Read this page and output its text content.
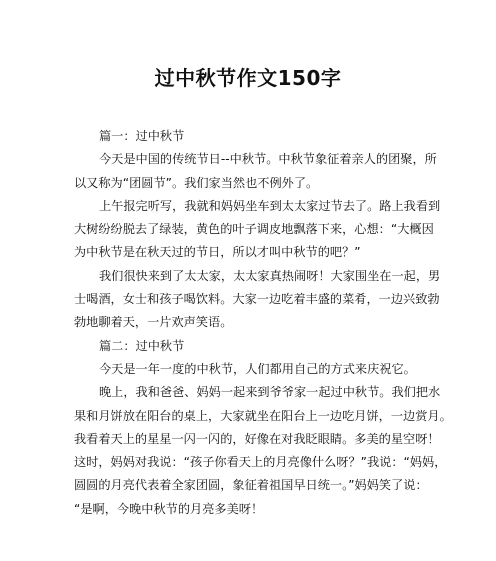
过中秋节作文150字
篇一：过中秋节
今天是中国的传统节日--中秋节。中秋节象征着亲人的团聚，所
以又称为“团圆节”。我们家当然也不例外了。
上午报完听写，我就和妈妈坐车到太太家过节去了。路上我看到
大树纷纷脱去了绿装，黄色的叶子调皮地飘落下来，心想：“大概因
为中秋节是在秋天过的节日，所以才叫中秋节的吧？”
我们很快来到了太太家，太太家真热闹呀！大家围坐在一起，男
士喝酒，女士和孩子喝饮料。大家一边吃着丰盛的菜肴，一边兴致勃
勃地聊着天，一片欢声笑语。
篇二：过中秋节
今天是一年一度的中秋节，人们都用自己的方式来庆祝它。
晚上，我和爸爸、妈妈一起来到爷爷家一起过中秋节。我们把水
果和月饼放在阳台的桌上，大家就坐在阳台上一边吃月饼，一边赏月。
我看着天上的星星一闪一闪的，好像在对我眨眼睛。多美的星空呀！
这时，妈妈对我说：“孩子你看天上的月亮像什么呀？”我说：“妈妈，
圆圆的月亮代表着全家团圆，象征着祖国早日统一。”妈妈笑了说：
“是啊，今晚中秋节的月亮多美呀！
